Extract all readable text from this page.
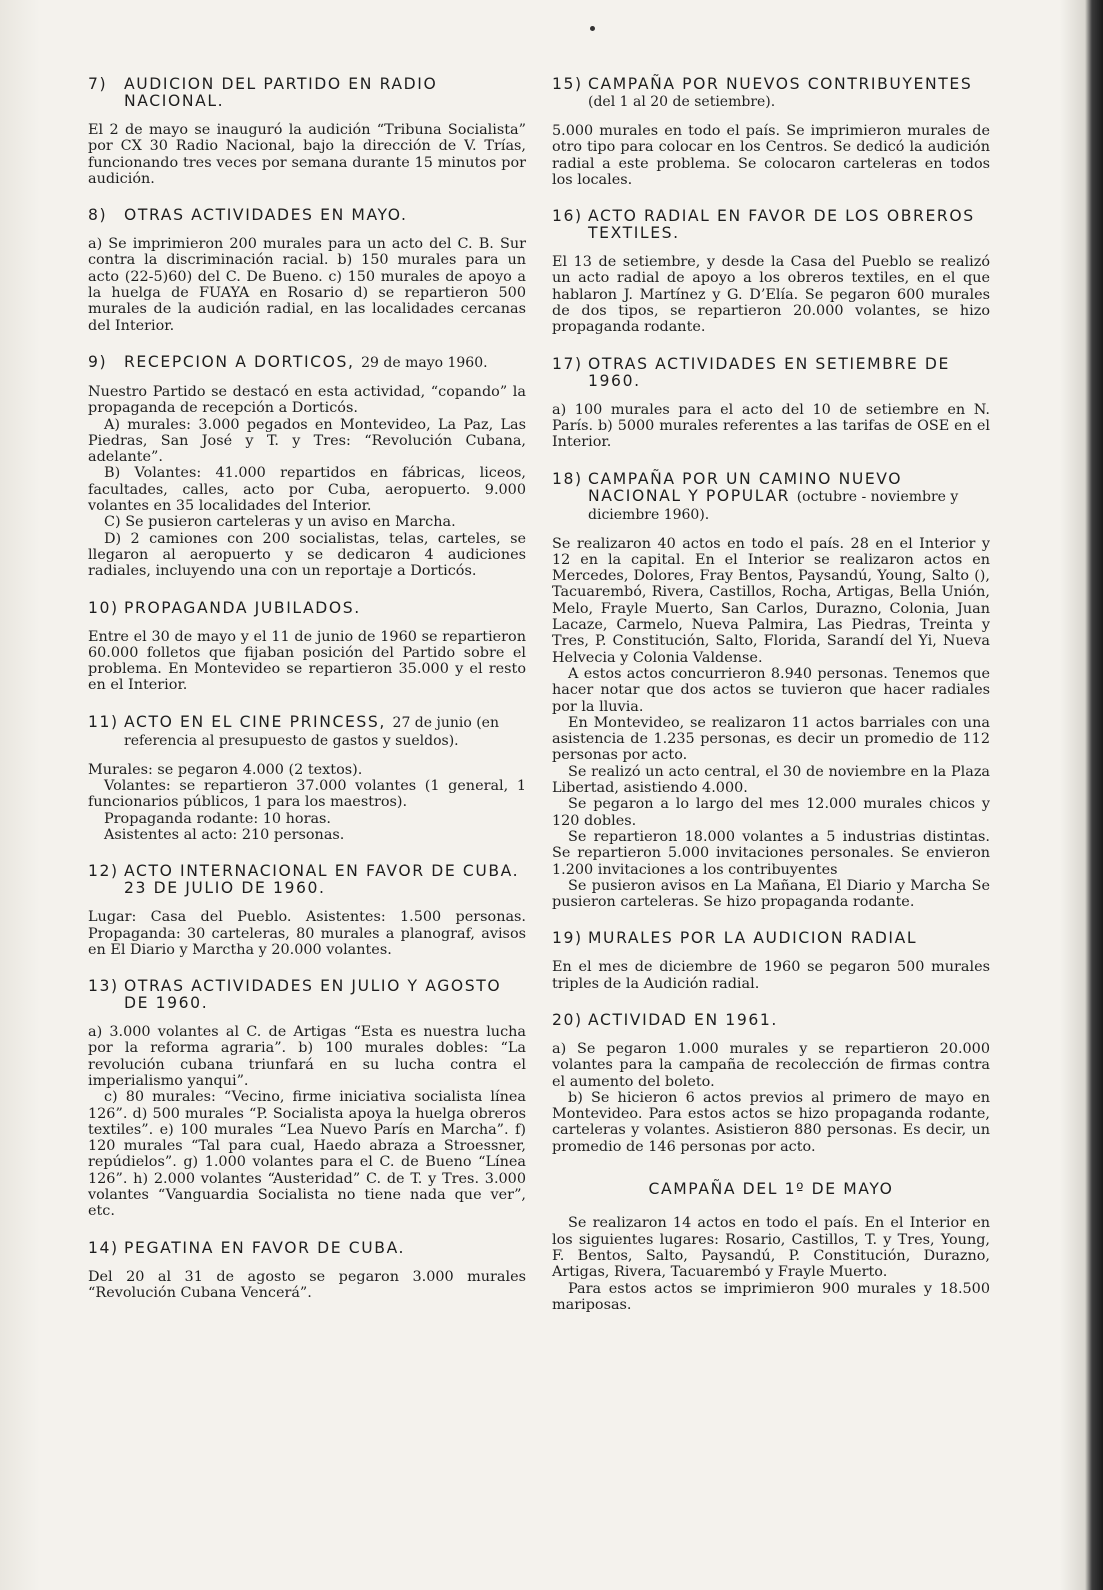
7)	AUDICION DEL PARTIDO EN RADIO NACIONAL.

El 2 de mayo se inauguró la audición “Tribuna Socialista” por CX 30 Radio Nacional, bajo la dirección de V. Trías, funcionando tres veces por semana durante 15 minutos por audición.

8)	OTRAS ACTIVIDADES EN MAYO.

a) Se imprimieron 200 murales para un acto del C. B. Sur contra la discriminación racial. b) 150 murales para un acto (22-5)60) del C. De Bueno. c) 150 murales de apoyo a la huelga de FUAYA en Rosario d) se repartieron 500 murales de la audición radial, en las localidades cercanas del Interior.

9)	RECEPCION A DORTICOS, 29 de mayo 1960.

Nuestro Partido se destacó en esta actividad, “copando” la propaganda de recepción a Dorticós.

A) murales: 3.000 pegados en Montevideo, La Paz, Las Piedras, San José y T. y Tres: “Revolución Cubana, adelante”.

B) Volantes: 41.000 repartidos en fábricas, liceos, facultades, calles, acto por Cuba, aeropuerto. 9.000 volantes en 35 localidades del Interior.

C) Se pusieron carteleras y un aviso en Marcha.

D) 2 camiones con 200 socialistas, telas, carteles, se llegaron al aeropuerto y se dedicaron 4 audiciones radiales, incluyendo una con un reportaje a Dorticós.

10) PROPAGANDA JUBILADOS.

Entre el 30 de mayo y el 11 de junio de 1960 se repartieron 60.000 folletos que fijaban posición del Partido sobre el problema. En Montevideo se repartieron 35.000 y el resto en el Interior.

11) ACTO EN EL CINE PRINCESS, 27 de junio (en referencia al presupuesto de gastos y sueldos).

Murales: se pegaron 4.000 (2 textos).

Volantes: se repartieron 37.000 volantes (1 general, 1 funcionarios públicos, 1 para los maestros).

Propaganda rodante: 10 horas.

Asistentes al acto: 210 personas.

12) ACTO INTERNACIONAL EN FAVOR DE CUBA. 23 DE JULIO DE 1960.

Lugar: Casa del Pueblo. Asistentes: 1.500 personas. Propaganda: 30 carteleras, 80 murales a planograf, avisos en El Diario y Marctha y 20.000 volantes.

13) OTRAS ACTIVIDADES EN JULIO Y AGOSTO DE 1960.

a) 3.000 volantes al C. de Artigas “Esta es nuestra lucha por la reforma agraria”. b) 100 murales dobles: “La revolución cubana triunfará en su lucha contra el imperialismo yanqui”.

c) 80 murales: “Vecino, firme iniciativa socialista línea 126”. d) 500 murales “P. Socialista apoya la huelga obreros textiles”. e) 100 murales “Lea Nuevo París en Marcha”. f) 120 murales “Tal para cual, Haedo abraza a Stroessner, repúdielos”. g) 1.000 volantes para el C. de Bueno “Línea 126”. h) 2.000 volantes “Austeridad” C. de T. y Tres. 3.000 volantes “Vanguardia Socialista no tiene nada que ver”, etc.

14) PEGATINA EN FAVOR DE CUBA.

Del 20 al 31 de agosto se pegaron 3.000 murales “Revolución Cubana Vencerá”.

15) CAMPAÑA POR NUEVOS CONTRIBUYENTES (del 1 al 20 de setiembre).

5.000 murales en todo el país. Se imprimieron murales de otro tipo para colocar en los Centros. Se dedicó la audición radial a este problema. Se colocaron carteleras en todos los locales.

16) ACTO RADIAL EN FAVOR DE LOS OBREROS TEXTILES.

El 13 de setiembre, y desde la Casa del Pueblo se realizó un acto radial de apoyo a los obreros textiles, en el que hablaron J. Martínez y G. D’Elía. Se pegaron 600 murales de dos tipos, se repartieron 20.000 volantes, se hizo propaganda rodante.

17) OTRAS ACTIVIDADES EN SETIEMBRE DE 1960.

a) 100 murales para el acto del 10 de setiembre en N. París. b) 5000 murales referentes a las tarifas de OSE en el Interior.

18) CAMPAÑA POR UN CAMINO NUEVO NACIONAL Y POPULAR (octubre - noviembre y diciembre 1960).

Se realizaron 40 actos en todo el país. 28 en el Interior y 12 en la capital. En el Interior se realizaron actos en Mercedes, Dolores, Fray Bentos, Paysandú, Young, Salto (), Tacuarembó, Rivera, Castillos, Rocha, Artigas, Bella Unión, Melo, Frayle Muerto, San Carlos, Durazno, Colonia, Juan Lacaze, Carmelo, Nueva Palmira, Las Piedras, Treinta y Tres, P. Constitución, Salto, Florida, Sarandí del Yi, Nueva Helvecia y Colonia Valdense.

A estos actos concurrieron 8.940 personas. Tenemos que hacer notar que dos actos se tuvieron que hacer radiales por la lluvia.

En Montevideo, se realizaron 11 actos barriales con una asistencia de 1.235 personas, es decir un promedio de 112 personas por acto.

Se realizó un acto central, el 30 de noviembre en la Plaza Libertad, asistiendo 4.000.

Se pegaron a lo largo del mes 12.000 murales chicos y 120 dobles.

Se repartieron 18.000 volantes a 5 industrias distintas. Se repartieron 5.000 invitaciones personales. Se envieron 1.200 invitaciones a los contribuyentes

Se pusieron avisos en La Mañana, El Diario y Marcha Se pusieron carteleras. Se hizo propaganda rodante.

19) MURALES POR LA AUDICION RADIAL

En el mes de diciembre de 1960 se pegaron 500 murales triples de la Audición radial.

20) ACTIVIDAD EN 1961.

a) Se pegaron 1.000 murales y se repartieron 20.000 volantes para la campaña de recolección de firmas contra el aumento del boleto.

b) Se hicieron 6 actos previos al primero de mayo en Montevideo. Para estos actos se hizo propaganda rodante, carteleras y volantes. Asistieron 880 personas. Es decir, un promedio de 146 personas por acto.

CAMPAÑA DEL 1º DE MAYO

Se realizaron 14 actos en todo el país. En el Interior en los siguientes lugares: Rosario, Castillos, T. y Tres, Young, F. Bentos, Salto, Paysandú, P. Constitución, Durazno, Artigas, Rivera, Tacuarembó y Frayle Muerto.

Para estos actos se imprimieron 900 murales y 18.500 mariposas.
